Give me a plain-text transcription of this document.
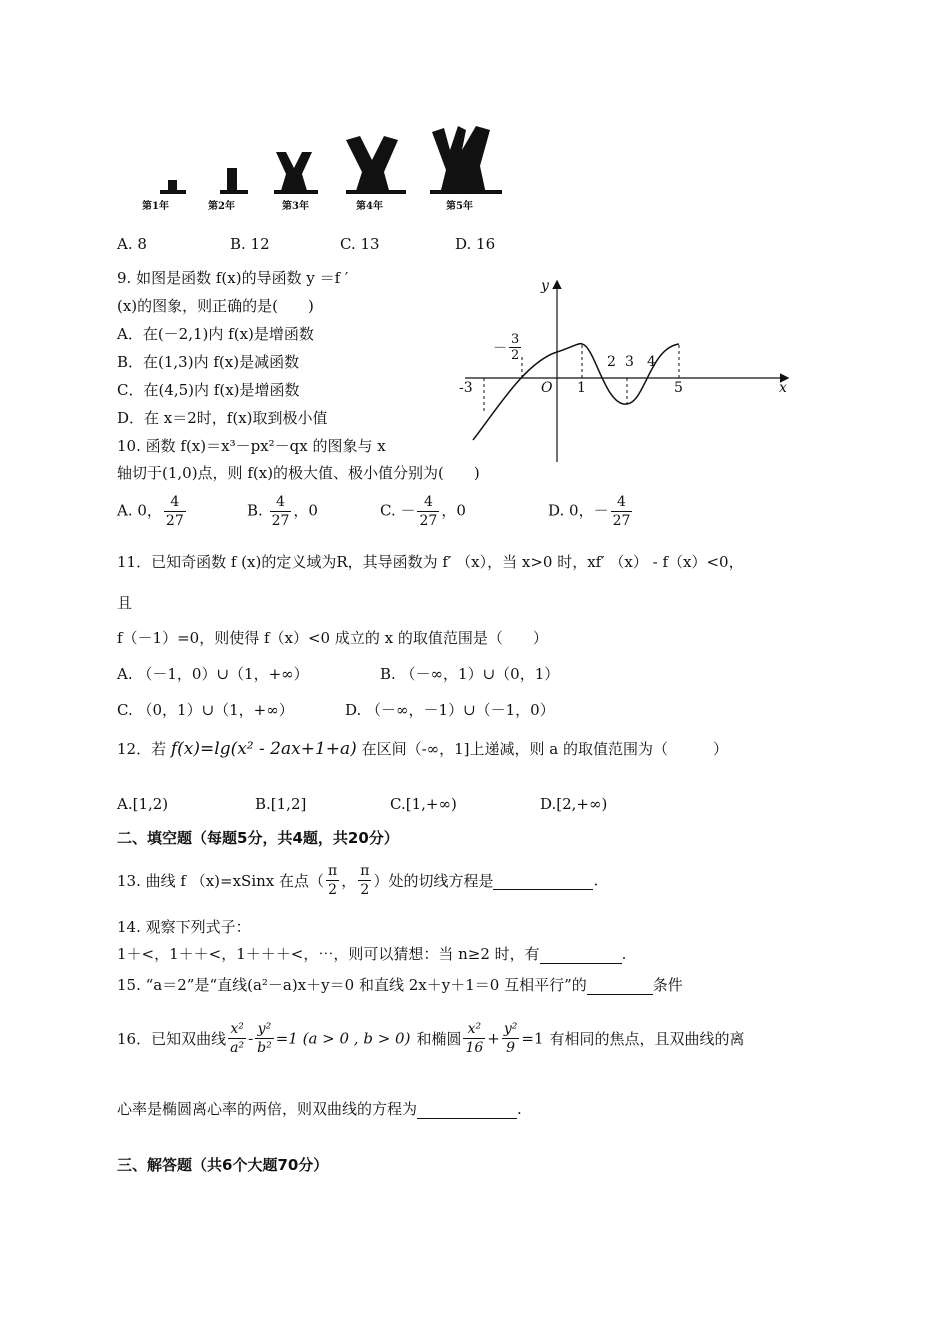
第1年	第2年	第3年	第4年	第5年
A. 8	B. 12	C. 13	D. 16
9. 如图是函数 f(x)的导函数 y ＝f ′
(x)的图象，则正确的是(　　)
A．在(－2,1)内 f(x)是增函数
B．在(1,3)内 f(x)是减函数
C．在(4,5)内 f(x)是增函数
D．在 x＝2时，f(x)取到极小值
y
x
O
-3	1
2 3 4
5
－ $\frac{3}{2}$
10. 函数 f(x)＝x³－px²－qx 的图象与 x
轴切于(1,0)点，则 f(x)的极大值、极小值分别为(　　)
A. 0， $\frac{4}{27}$	B. $\frac{4}{27}$ ，0	C. － $\frac{4}{27}$ ，0	D. 0，－ $\frac{4}{27}$
11．已知奇函数 f (x)的定义域为R，其导函数为 f′ （x），当 x>0 时，xf′ （x） - f（x）<0，
且
f（－1）=0，则使得 f（x）<0 成立的 x 的取值范围是（　　）
A. （－1，0）∪（1，+∞）	B. （－∞，1）∪（0，1）
C. （0，1）∪（1，+∞）	D. （－∞，－1）∪（－1，0）
12．若 f(x)=lg(x² - 2ax+1+a) 在区间（-∞，1]上递减，则 a 的取值范围为（　　　）
A.[1,2)	B.[1,2]	C.[1,+∞)	D.[2,+∞)
二、填空题（每题5分，共4题，共20分）
13. 曲线 f （x)=xSinx 在点（ $\frac{\pi}{2}$ ， $\frac{\pi}{2}$ ）处的切线方程是	.
14. 观察下列式子：
1＋<，1＋＋<，1＋＋＋<，⋯，则可以猜想：当 n≥2 时，有	.
15. “a＝2”是“直线(a²－a)x＋y＝0 和直线 2x＋y＋1＝0 互相平行”的	条件
16．已知双曲线 $\frac{\text{x²}}{\text{a²}} - \frac{\text{y²}}{\text{b²}} =1$ (a > 0 , b > 0) 和椭圆 $\frac{\text{x²}}{16} + \frac{\text{y²}}{9} =1$ 有相同的焦点，且双曲线的离
心率是椭圆离心率的两倍，则双曲线的方程为	.
三、解答题（共6个大题70分）
